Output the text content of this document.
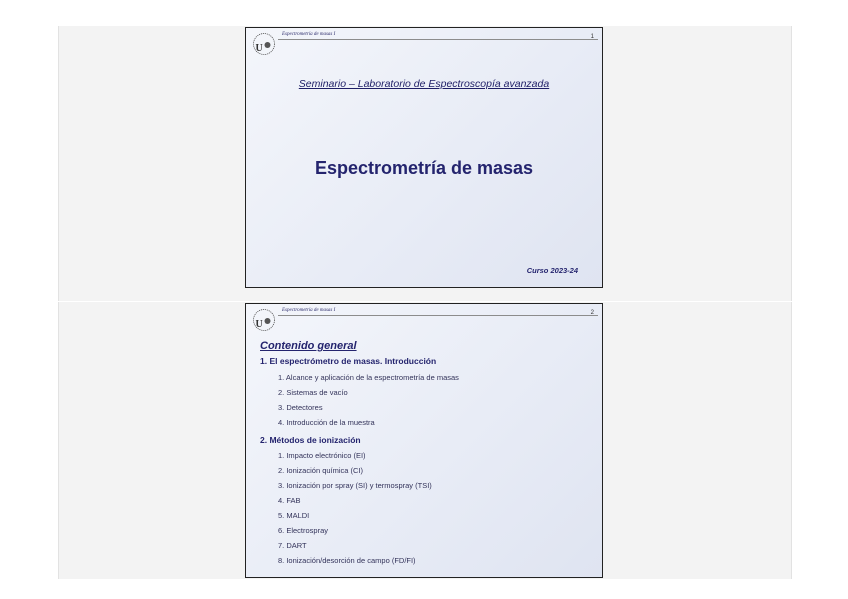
U
Espectrometría de masas I	1
Seminario – Laboratorio de Espectroscopía avanzada
Espectrometría de masas
Curso 2023-24
U
Espectrometría de masas I	2
Contenido general
1. El espectrómetro de masas. Introducción
1. Alcance y aplicación de la espectrometría de masas
2. Sistemas de vacío
3. Detectores
4. Introducción de la muestra
2. Métodos de ionización
1. Impacto electrónico (EI)
2. Ionización química (CI)
3. Ionización por spray (SI) y termospray (TSI)
4. FAB
5. MALDI
6. Electrospray
7. DART
8. Ionización/desorción de campo (FD/FI)
